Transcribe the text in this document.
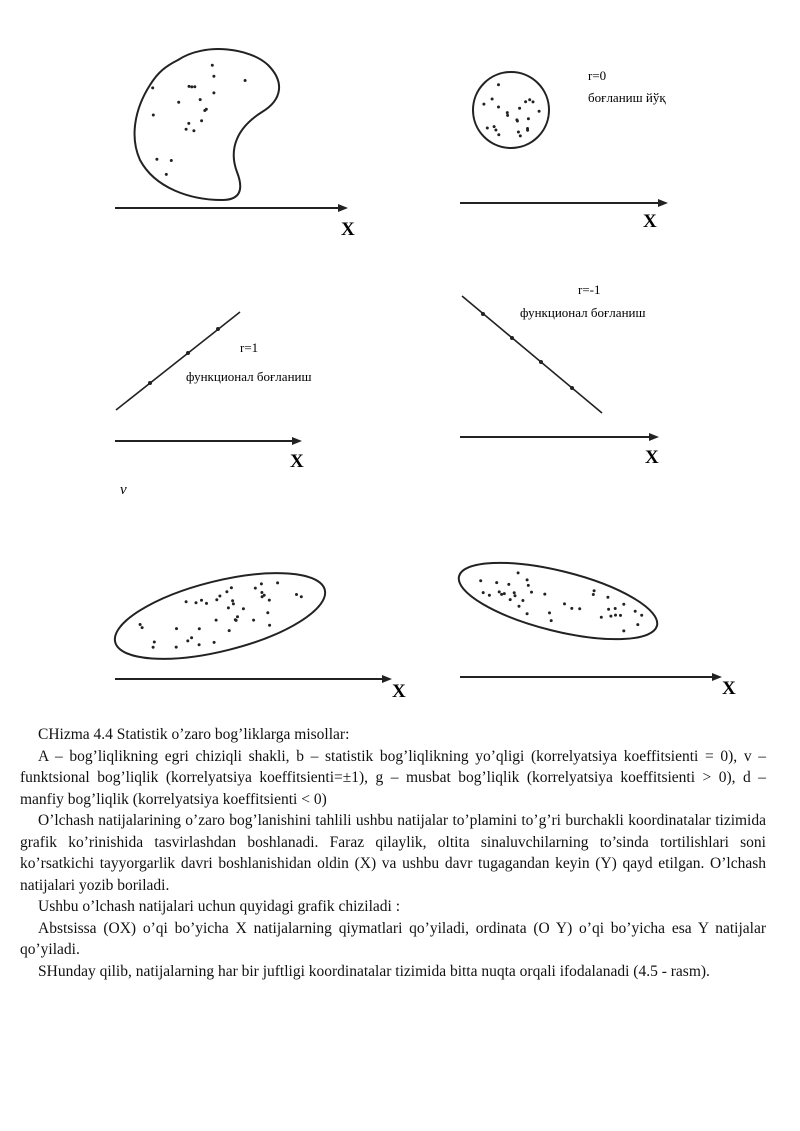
X	X
X	X
X	X
r=0
боғланиш йўқ
r=1
функционал боғланиш
r=-1
функционал боғланиш
v

CHizma 4.4 Statistik o’zaro bog’liklarga misollar:

A – bog’liqlikning egri chiziqli shakli, b – statistik bog’liqlikning yo’qligi (korrelyatsiya koeffitsienti = 0), v – funktsional bog’liqlik (korrelyatsiya koeffitsienti=±1), g – musbat bog’liqlik (korrelyatsiya koeffitsienti > 0), d – manfiy bog’liqlik (korrelyatsiya koeffitsienti < 0)

O’lchash natijalarining o’zaro bog’lanishini tahlili ushbu natijalar to’plamini to’g’ri burchakli koordinatalar tizimida grafik ko’rinishida tasvirlashdan boshlanadi. Faraz qilaylik, oltita sinaluvchilarning to’sinda tortilishlari soni ko’rsatkichi tayyorgarlik davri boshlanishidan oldin (X) va ushbu davr tugagandan keyin (Y) qayd etilgan. O’lchash natijalari yozib boriladi.

Ushbu o’lchash natijalari uchun quyidagi grafik chiziladi :

Abstsissa (OX) o’qi bo’yicha X natijalarning qiymatlari qo’yiladi, ordinata (O Y) o’qi bo’yicha esa Y natijalar qo’yiladi.

SHunday qilib, natijalarning har bir juftligi koordinatalar tizimida bitta nuqta orqali ifodalanadi (4.5 - rasm).
